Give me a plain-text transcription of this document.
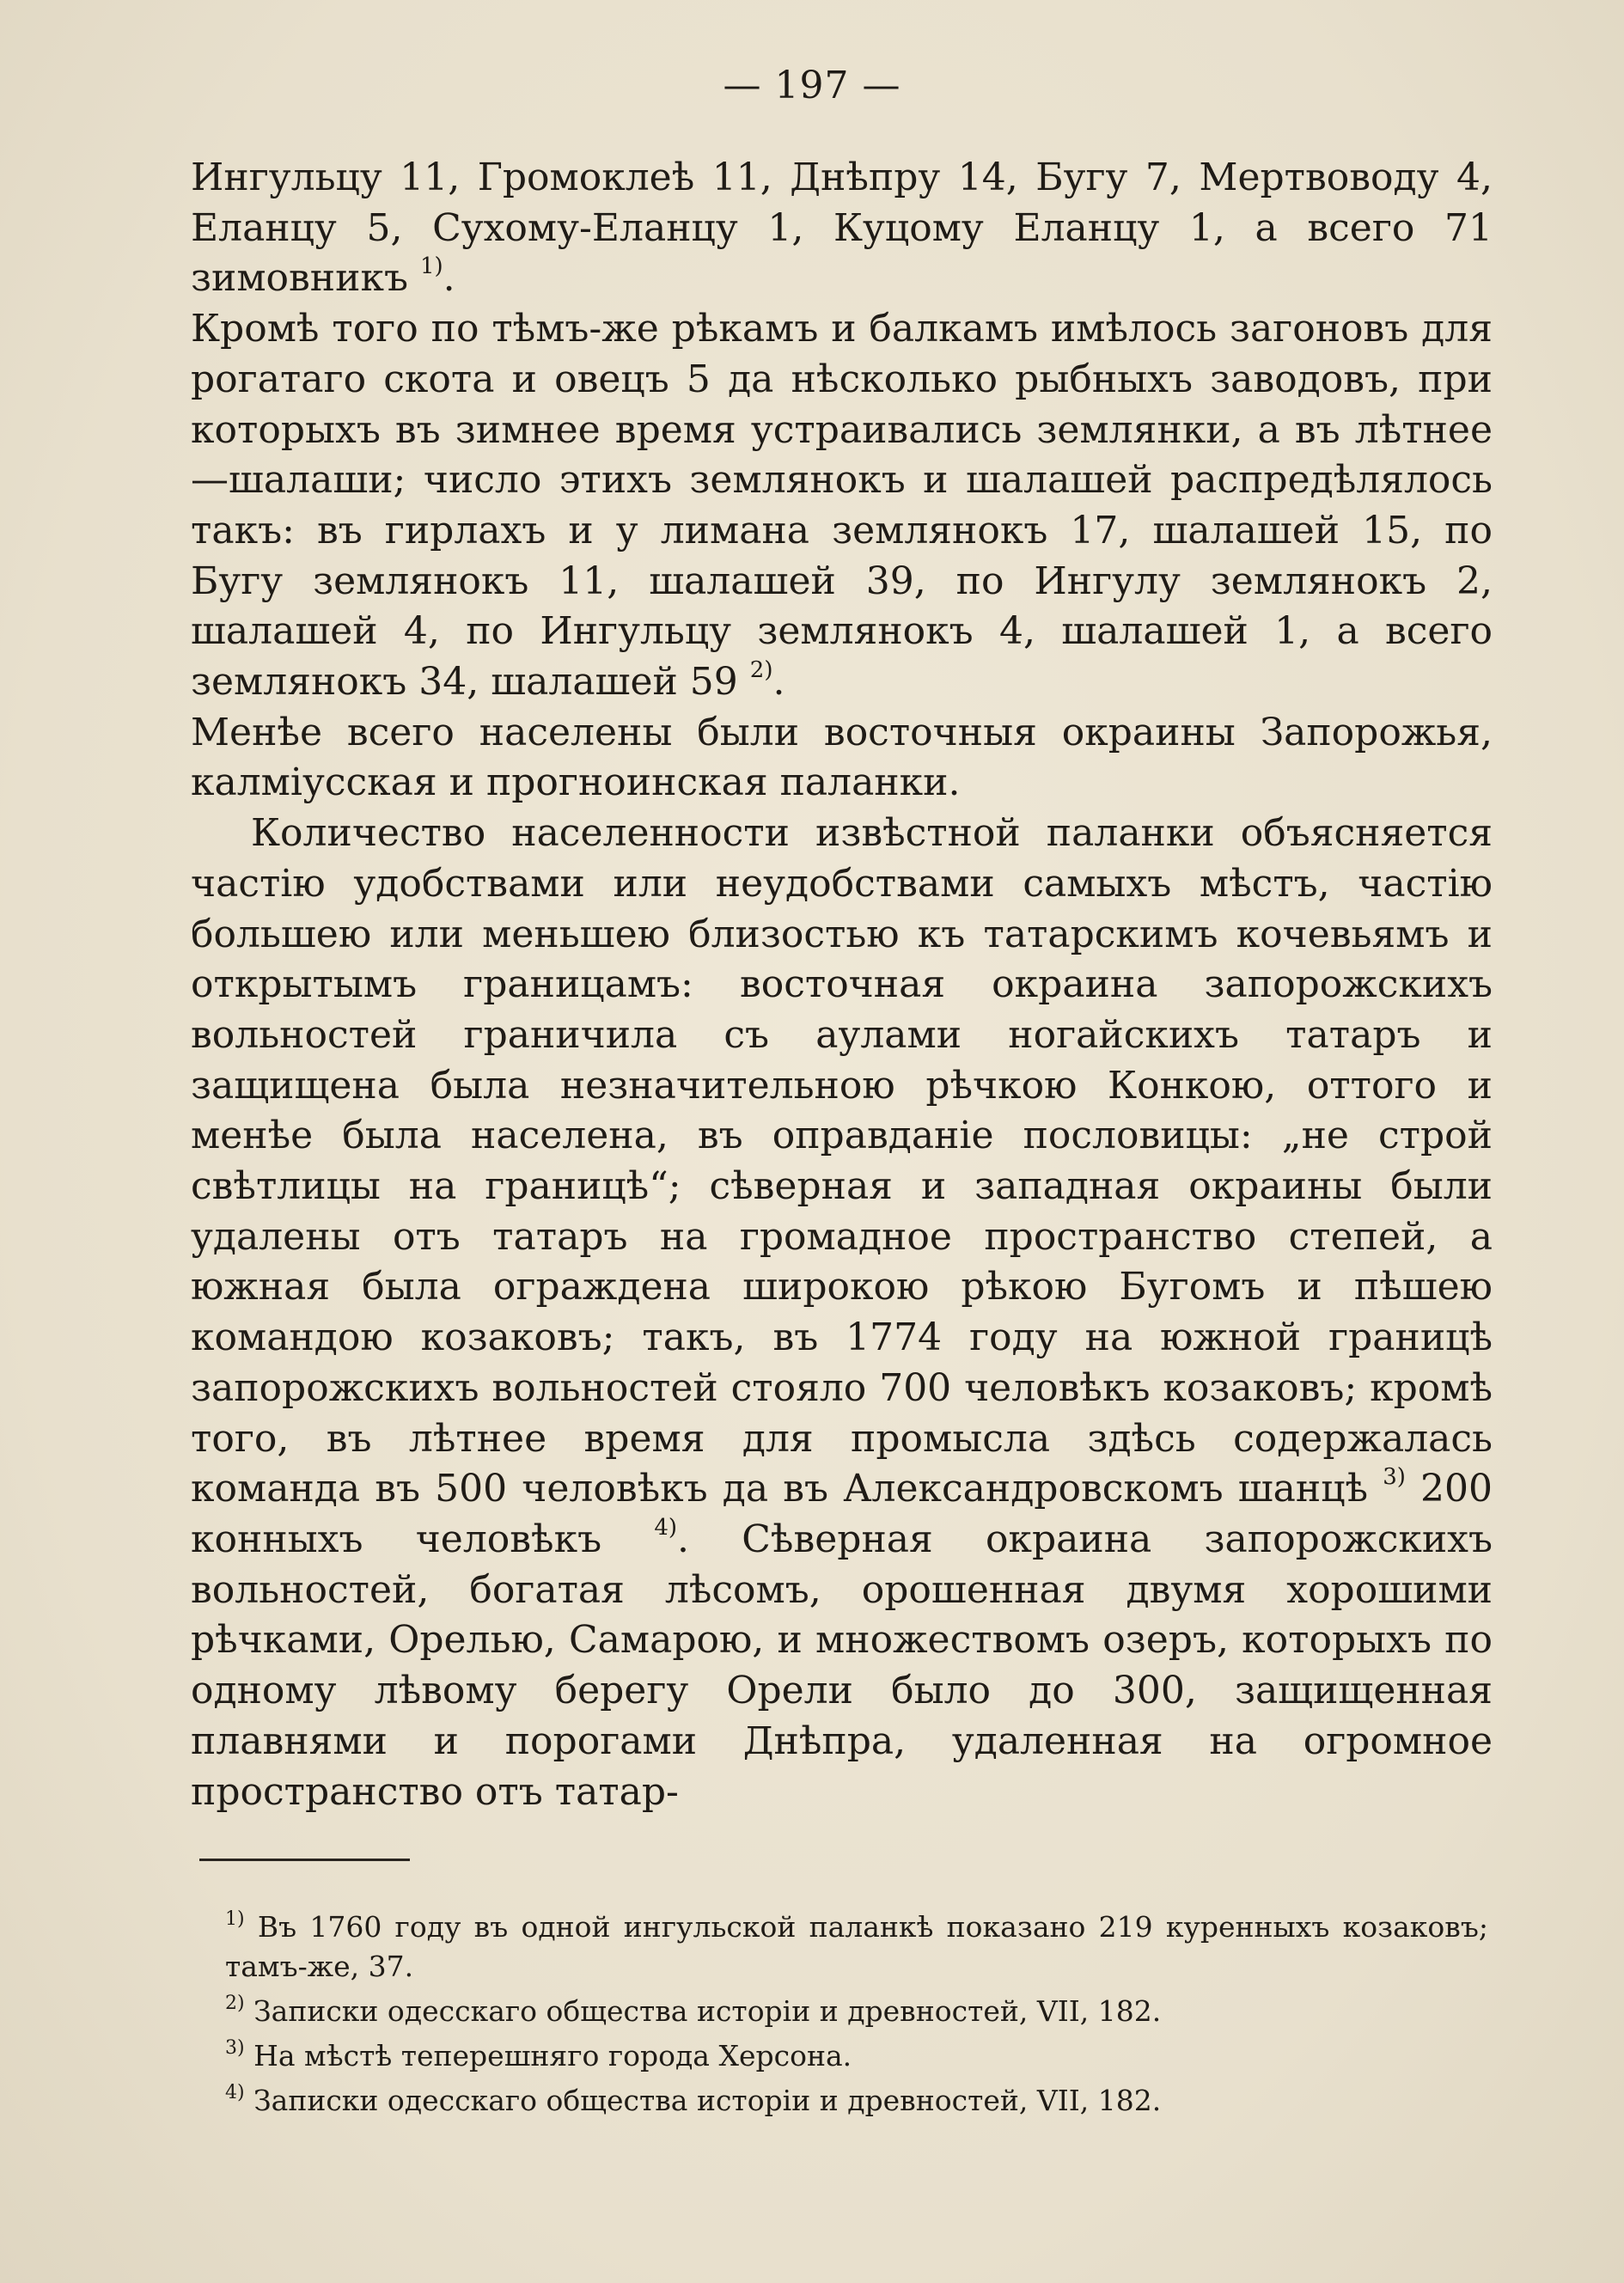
— 197 —

Ингульцу 11, Громоклеѣ 11, Днѣпру 14, Бугу 7, Мертвоводу 4, Еланцу 5, Сухому-Еланцу 1, Куцому Еланцу 1, а всего 71 зимовникъ $^{1)}$.

Кромѣ того по тѣмъ-же рѣкамъ и балкамъ имѣлось загоновъ для рогатаго скота и овецъ 5 да нѣсколько рыбныхъ заводовъ, при которыхъ въ зимнее время устраивались землянки, а въ лѣтнее—шалаши; число этихъ землянокъ и шалашей распредѣлялось такъ: въ гирлахъ и у лимана землянокъ 17, шалашей 15, по Бугу землянокъ 11, шалашей 39, по Ингулу землянокъ 2, шалашей 4, по Ингульцу землянокъ 4, шалашей 1, а всего землянокъ 34, шалашей 59 $^{2)}$.

Менѣе всего населены были восточныя окраины Запорожья, калміусская и прогноинская паланки.

Количество населенности извѣстной паланки объясняется частію удобствами или неудобствами самыхъ мѣстъ, частію большею или меньшею близостью къ татарскимъ кочевьямъ и открытымъ границамъ: восточная окраина запорожскихъ вольностей граничила съ аулами ногайскихъ татаръ и защищена была незначительною рѣчкою Конкою, оттого и менѣе была населена, въ оправданіе пословицы: „не строй свѣтлицы на границѣ“; сѣверная и западная окраины были удалены отъ татаръ на громадное пространство степей, а южная была ограждена широкою рѣкою Бугомъ и пѣшею командою козаковъ; такъ, въ 1774 году на южной границѣ запорожскихъ вольностей стояло 700 человѣкъ козаковъ; кромѣ того, въ лѣтнее время для промысла здѣсь содержалась команда въ 500 человѣкъ да въ Александровскомъ шанцѣ $^{3)}$ 200 конныхъ человѣкъ $^{4)}$. Сѣверная окраина запорожскихъ вольностей, богатая лѣсомъ, орошенная двумя хорошими рѣчками, Орелью, Самарою, и множествомъ озеръ, которыхъ по одному лѣвому берегу Орели было до 300, защищенная плавнями и порогами Днѣпра, удаленная на огромное пространство отъ татар-

$^{1)}$ Въ 1760 году въ одной ингульской паланкѣ показано 219 куренныхъ козаковъ; тамъ-же, 37.

$^{2)}$ Записки одесскаго общества исторіи и древностей, VII, 182.

$^{3)}$ На мѣстѣ теперешняго города Херсона.

$^{4)}$ Записки одесскаго общества исторіи и древностей, VII, 182.
